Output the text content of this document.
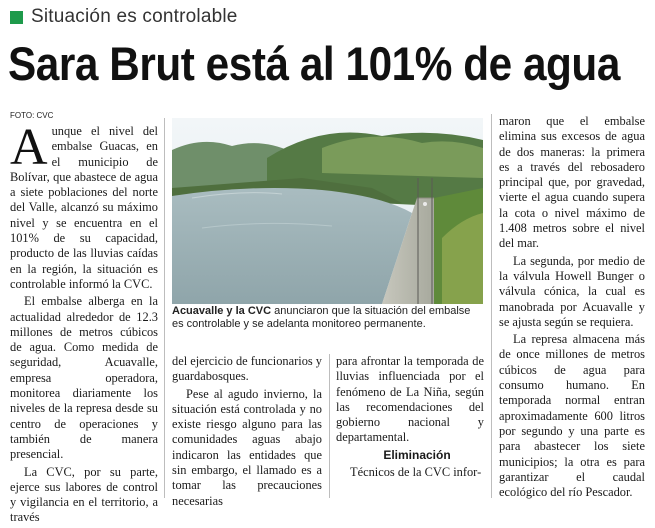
Situación es controlable
Sara Brut está al 101% de agua
FOTO: CVC

Aunque el nivel del embalse Guacas, en el municipio de Bolívar, que abastece de agua a siete poblaciones del norte del Valle, alcanzó su máximo nivel y se encuentra en el 101% de su capacidad, producto de las lluvias caídas en la región, la situación es controlable informó la CVC.

El embalse alberga en la actualidad alrededor de 12.3 millones de metros cúbicos de agua. Como medida de seguridad, Acuavalle, empresa operadora, monitorea diariamente los niveles de la represa desde su centro de operaciones y también de manera presencial.

La CVC, por su parte, ejerce sus labores de control y vigilancia en el territorio, a través

Acuavalle y la CVC anunciaron que la situación del embalse es controlable y se adelanta monitoreo permanente.

del ejercicio de funcionarios y guardabosques.

Pese al agudo invierno, la situación está controlada y no existe riesgo alguno para las comunidades aguas abajo indicaron las entidades que sin embargo, el llamado es a tomar las precauciones necesarias

para afrontar la temporada de lluvias influenciada por el fenómeno de La Niña, según las recomendaciones del gobierno nacional y departamental.

Eliminación

Técnicos de la CVC infor-

maron que el embalse elimina sus excesos de agua de dos maneras: la primera es a través del rebosadero principal que, por gravedad, vierte el agua cuando supera la cota o nivel máximo de 1.408 metros sobre el nivel del mar.

La segunda, por medio de la válvula Howell Bunger o válvula cónica, la cual es manobrada por Acuavalle y se ajusta según se requiera.

La represa almacena más de once millones de metros cúbicos de agua para consumo humano. En temporada normal entran aproximadamente 600 litros por segundo y una parte es para abastecer los siete municipios; la otra es para garantizar el caudal ecológico del río Pescador.
